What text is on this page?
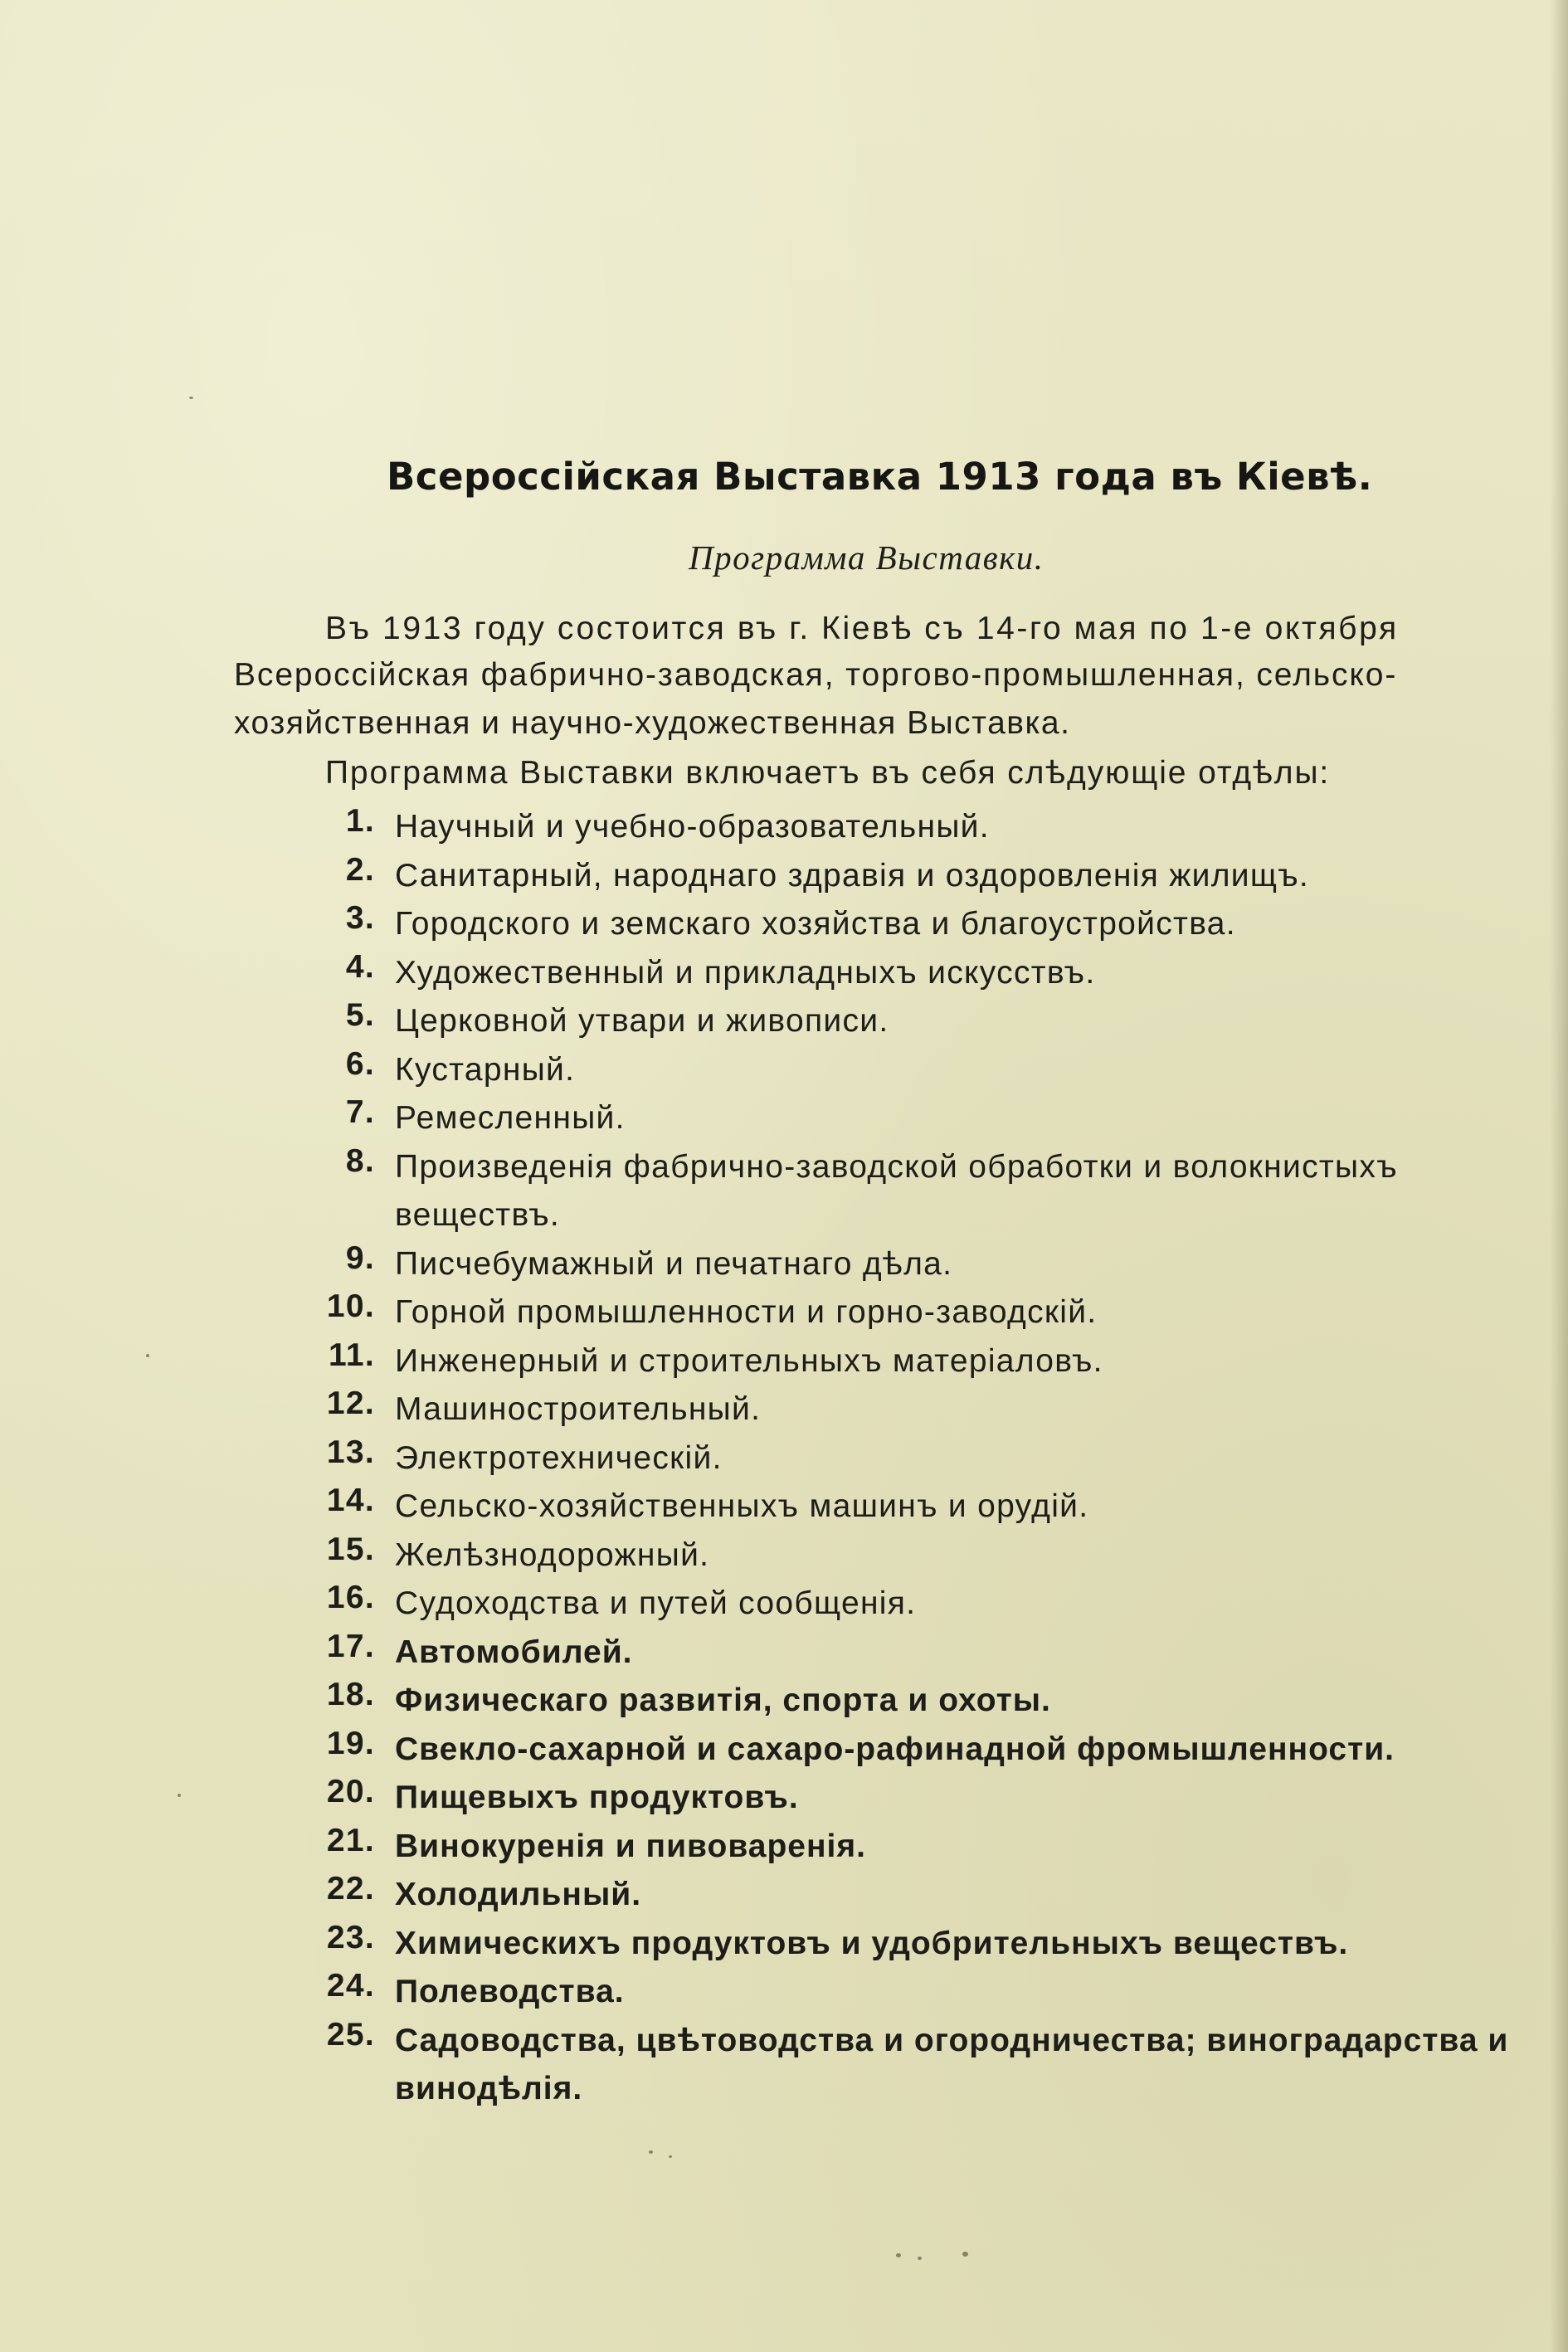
Всероссійская Выставка 1913 года въ Кіевѣ.
Программа Выставки.
Въ 1913 году состоится въ г. Кіевѣ съ 14-го мая по 1-е октября
Всероссійская фабрично-заводская, торгово-промышленная, сельско-
хозяйственная и научно-художественная Выставка.
Программа Выставки включаетъ въ себя слѣдующіе отдѣлы:
1. Научный и учебно-образовательный.
2. Санитарный, народнаго здравія и оздоровленія жилищъ.
3. Городского и земскаго хозяйства и благоустройства.
4. Художественный и прикладныхъ искусствъ.
5. Церковной утвари и живописи.
6. Кустарный.
7. Ремесленный.
8. Произведенія фабрично-заводской обработки и волокнистыхъ веществъ.
9. Писчебумажный и печатнаго дѣла.
10. Горной промышленности и горно-заводскій.
11. Инженерный и строительныхъ матеріаловъ.
12. Машиностроительный.
13. Электротехническій.
14. Сельско-хозяйственныхъ машинъ и орудій.
15. Желѣзнодорожный.
16. Судоходства и путей сообщенія.
17. Автомобилей.
18. Физическаго развитія, спорта и охоты.
19. Свекло-сахарной и сахаро-рафинадной фромышленности.
20. Пищевыхъ продуктовъ.
21. Винокуренія и пивоваренія.
22. Холодильный.
23. Химическихъ продуктовъ и удобрительныхъ веществъ.
24. Полеводства.
25. Садоводства, цвѣтоводства и огородничества; виноградарства и винодѣлія.
